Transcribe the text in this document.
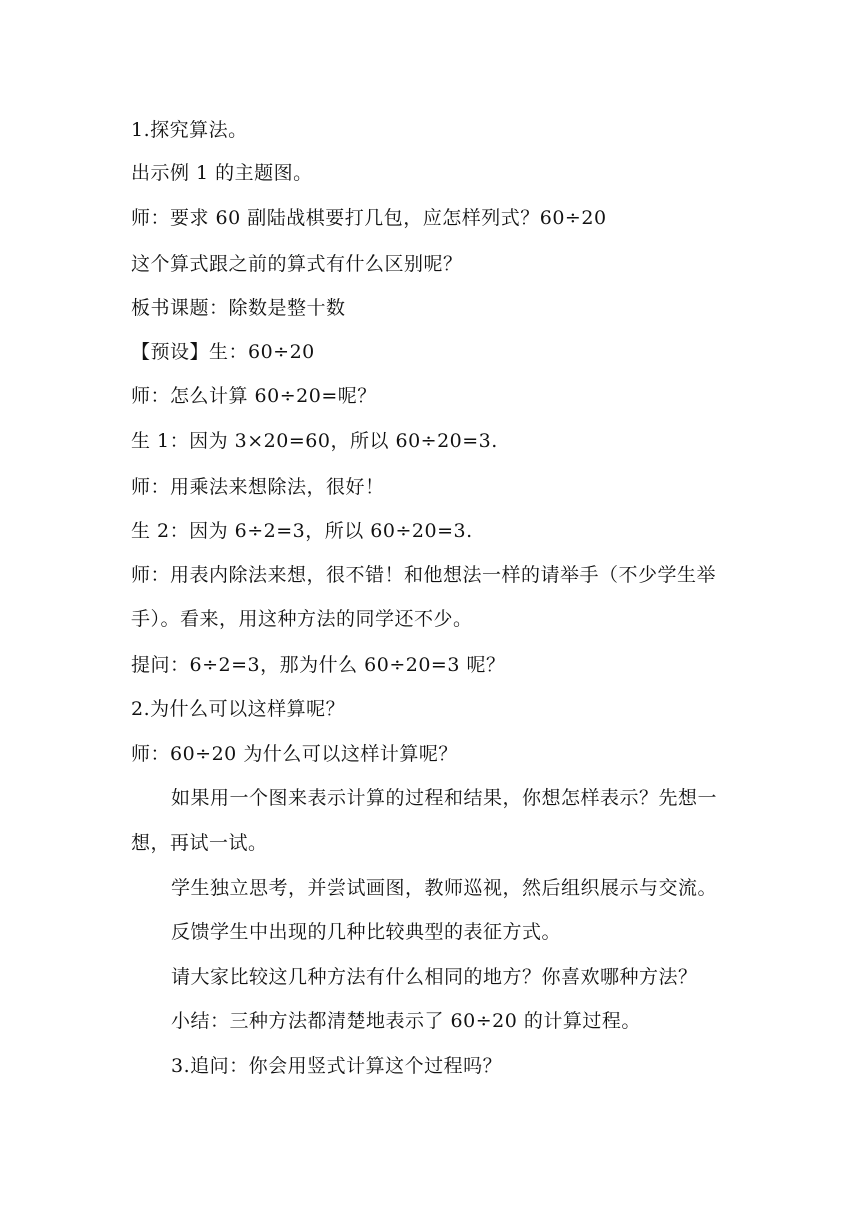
1.探究算法。
出示例 1 的主题图。
师：要求 60 副陆战棋要打几包，应怎样列式？60÷20
这个算式跟之前的算式有什么区别呢？
板书课题：除数是整十数
【预设】生：60÷20
师：怎么计算 60÷20=呢？
生 1：因为 3×20=60，所以 60÷20=3.
师：用乘法来想除法，很好！
生 2：因为 6÷2=3，所以 60÷20=3.
师：用表内除法来想，很不错！和他想法一样的请举手（不少学生举
手）。看来，用这种方法的同学还不少。
提问：6÷2=3，那为什么 60÷20=3 呢？
2.为什么可以这样算呢？
师：60÷20 为什么可以这样计算呢？
如果用一个图来表示计算的过程和结果，你想怎样表示？先想一
想，再试一试。
学生独立思考，并尝试画图，教师巡视，然后组织展示与交流。
反馈学生中出现的几种比较典型的表征方式。
请大家比较这几种方法有什么相同的地方？你喜欢哪种方法？
小结：三种方法都清楚地表示了 60÷20 的计算过程。
3.追问：你会用竖式计算这个过程吗？
